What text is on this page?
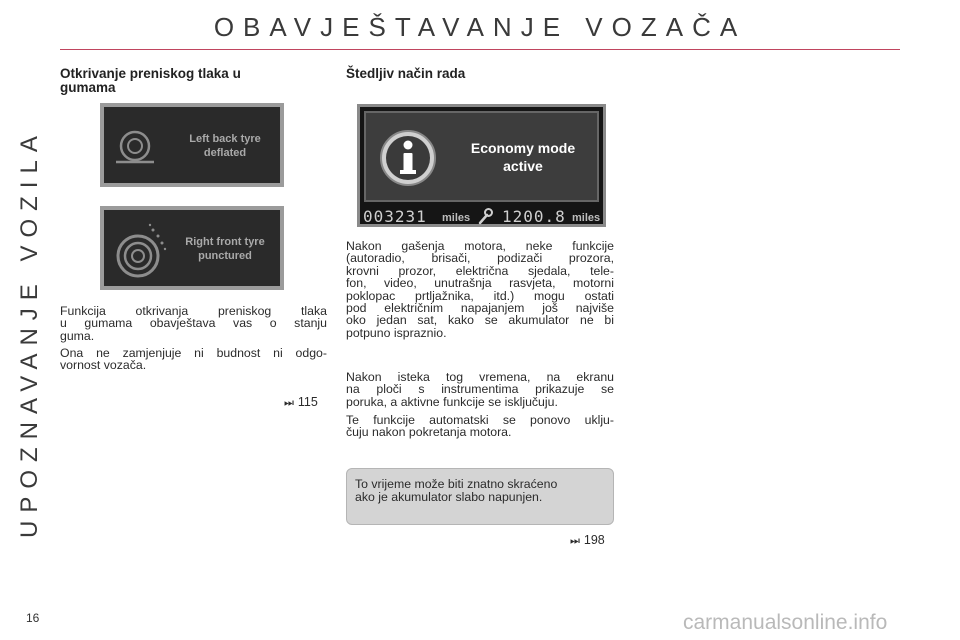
OBAVJEŠTAVANJE VOZAČA
UPOZNAVANJE VOZILA
Otkrivanje preniskog tlaka u
gumama
Left back tyre
deflated
Right front tyre
punctured
Funkcija otkrivanja preniskog tlaka
u gumama obavještava vas o stanju
guma.
Ona ne zamjenjuje ni budnost ni odgo-
vornost vozača.
⏭ 115
Štedljiv način rada
Economy mode
active
003231 miles 1200.8 miles
Nakon gašenja motora, neke funkcije
(autoradio, brisači, podizači prozora,
krovni prozor, električna sjedala, tele-
fon, video, unutrašnja rasvjeta, motorni
poklopac prtljažnika, itd.) mogu ostati
pod električnim napajanjem još najviše
oko jedan sat, kako se akumulator ne bi
potpuno ispraznio.
Nakon isteka tog vremena, na ekranu
na ploči s instrumentima prikazuje se
poruka, a aktivne funkcije se isključuju.
Te funkcije automatski se ponovo uklju-
čuju nakon pokretanja motora.
To vrijeme može biti znatno skraćeno
ako je akumulator slabo napunjen.
⏭ 198
16	carmanualsonline.info
